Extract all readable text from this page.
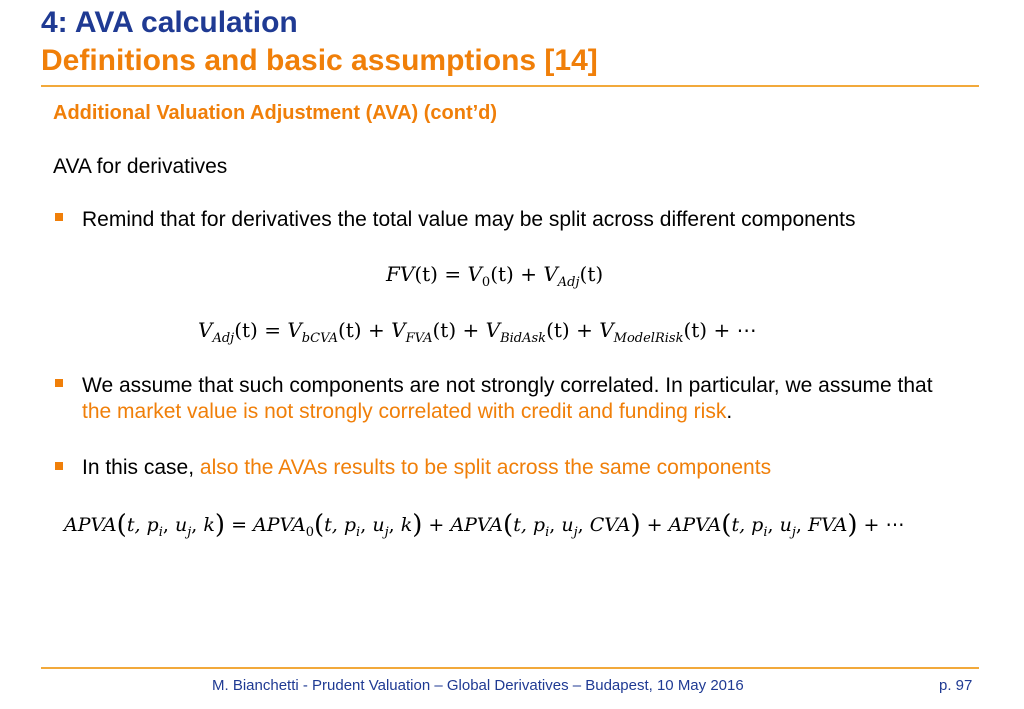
4: AVA calculation
Definitions and basic assumptions [14]
Additional Valuation Adjustment (AVA) (cont’d)
AVA for derivatives
Remind that for derivatives the total value may be split across different components
$FV(t) = V_0(t) + V_{Adj}(t)$
$V_{Adj}(t) = V_{bCVA}(t) + V_{FVA}(t) + V_{BidAsk}(t) + V_{ModelRisk}(t)$ + ⋯
We assume that such components are not strongly correlated. In particular, we assume that the market value is not strongly correlated with credit and funding risk.
In this case, also the AVAs results to be split across the same components
APVA(t, $p_i$, $u_j$, $k) = APVA_0(t$, $p_i$, $u_j$, k) + APVA(t, $p_i$, $u_j$, CVA) + APVA(t, $p_i$, $u_j$, FVA) + ⋯
M. Bianchetti - Prudent Valuation – Global Derivatives – Budapest, 10 May 2016	p. 97
